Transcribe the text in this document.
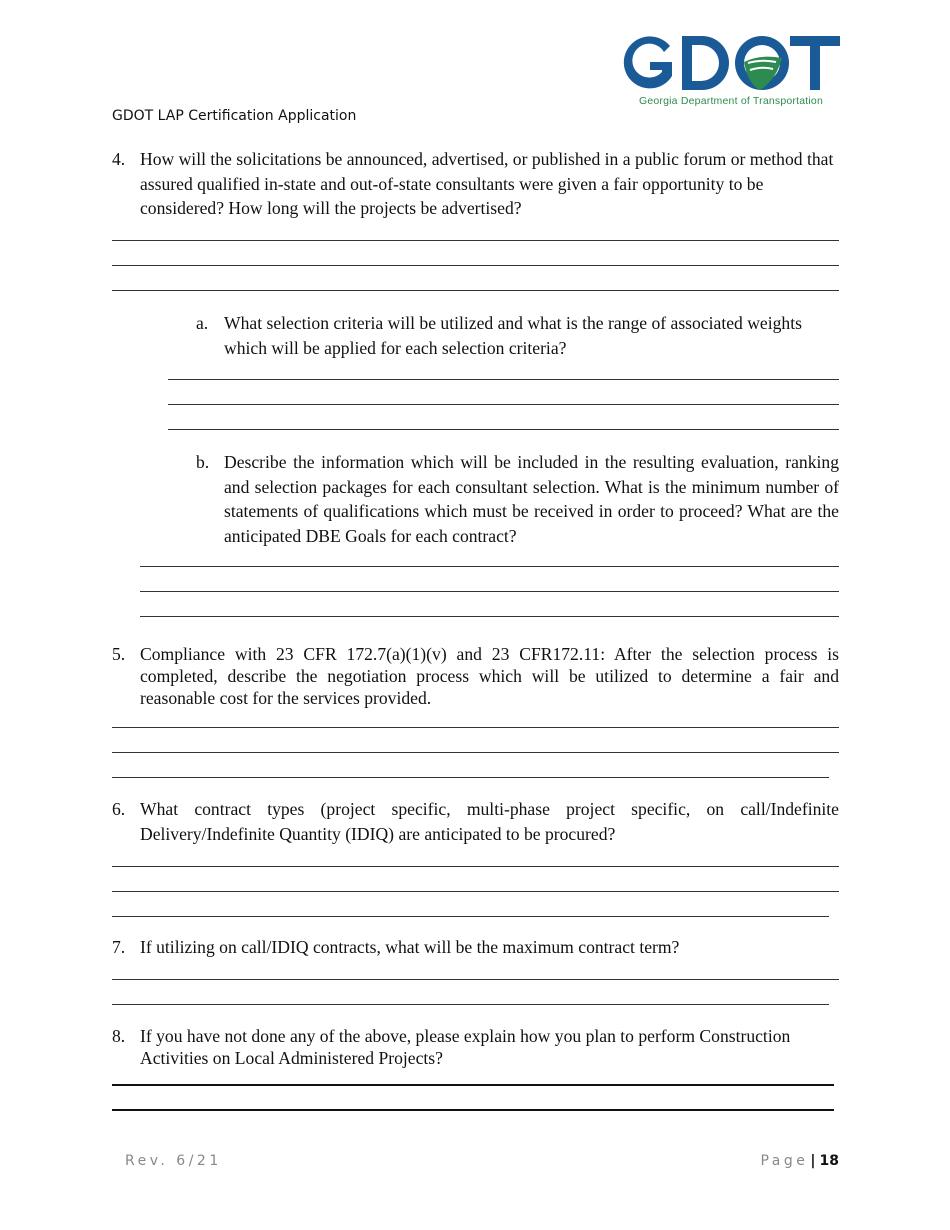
Georgia Department of Transportation
GDOT LAP Certification Application
4. How will the solicitations be announced, advertised, or published in a public forum or method that assured qualified in-state and out-of-state consultants were given a fair opportunity to be considered? How long will the projects be advertised?
a. What selection criteria will be utilized and what is the range of associated weights which will be applied for each selection criteria?
b. Describe the information which will be included in the resulting evaluation, ranking and selection packages for each consultant selection. What is the minimum number of statements of qualifications which must be received in order to proceed? What are the anticipated DBE Goals for each contract?
5. Compliance with 23 CFR 172.7(a)(1)(v) and 23 CFR172.11: After the selection process is completed, describe the negotiation process which will be utilized to determine a fair and reasonable cost for the services provided.
6. What contract types (project specific, multi-phase project specific, on call/Indefinite Delivery/Indefinite Quantity (IDIQ) are anticipated to be procured?
7. If utilizing on call/IDIQ contracts, what will be the maximum contract term?
8. If you have not done any of the above, please explain how you plan to perform Construction Activities on Local Administered Projects?
Rev. 6/21	Page | 18
